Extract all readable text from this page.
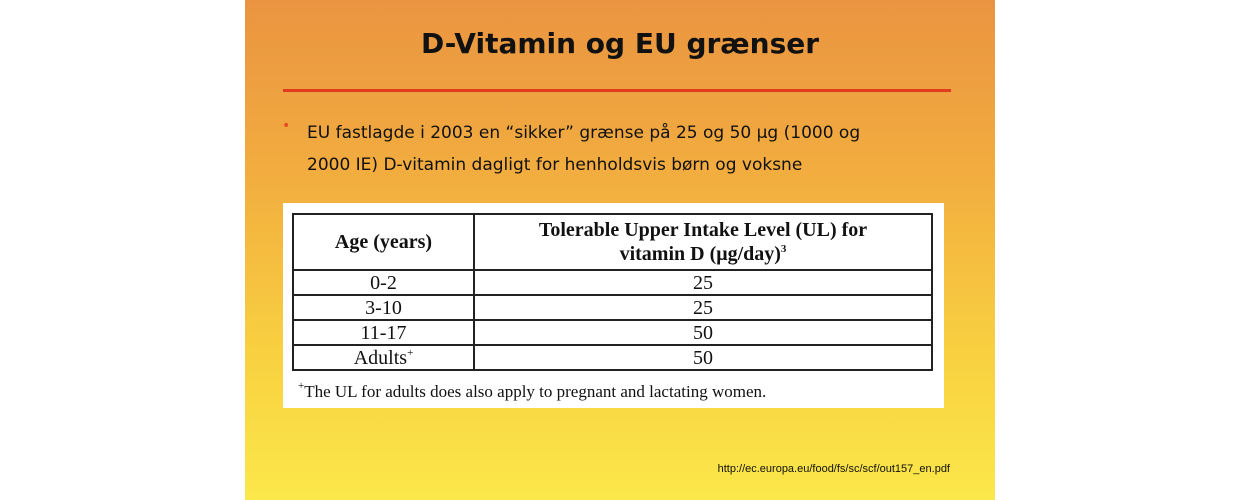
D-Vitamin og EU grænser
• EU fastlagde i 2003 en “sikker” grænse på 25 og 50 μg (1000 og
2000 IE) D-vitamin dagligt for henholdsvis børn og voksne
Age (years)	Tolerable Upper Intake Level (UL) for
vitamin D $(\mu g/day)^3$
0-2	25
3-10	25
11-17	50
Adults+	50
+The UL for adults does also apply to pregnant and lactating women.
http://ec.europa.eu/food/fs/sc/scf/out157_en.pdf
